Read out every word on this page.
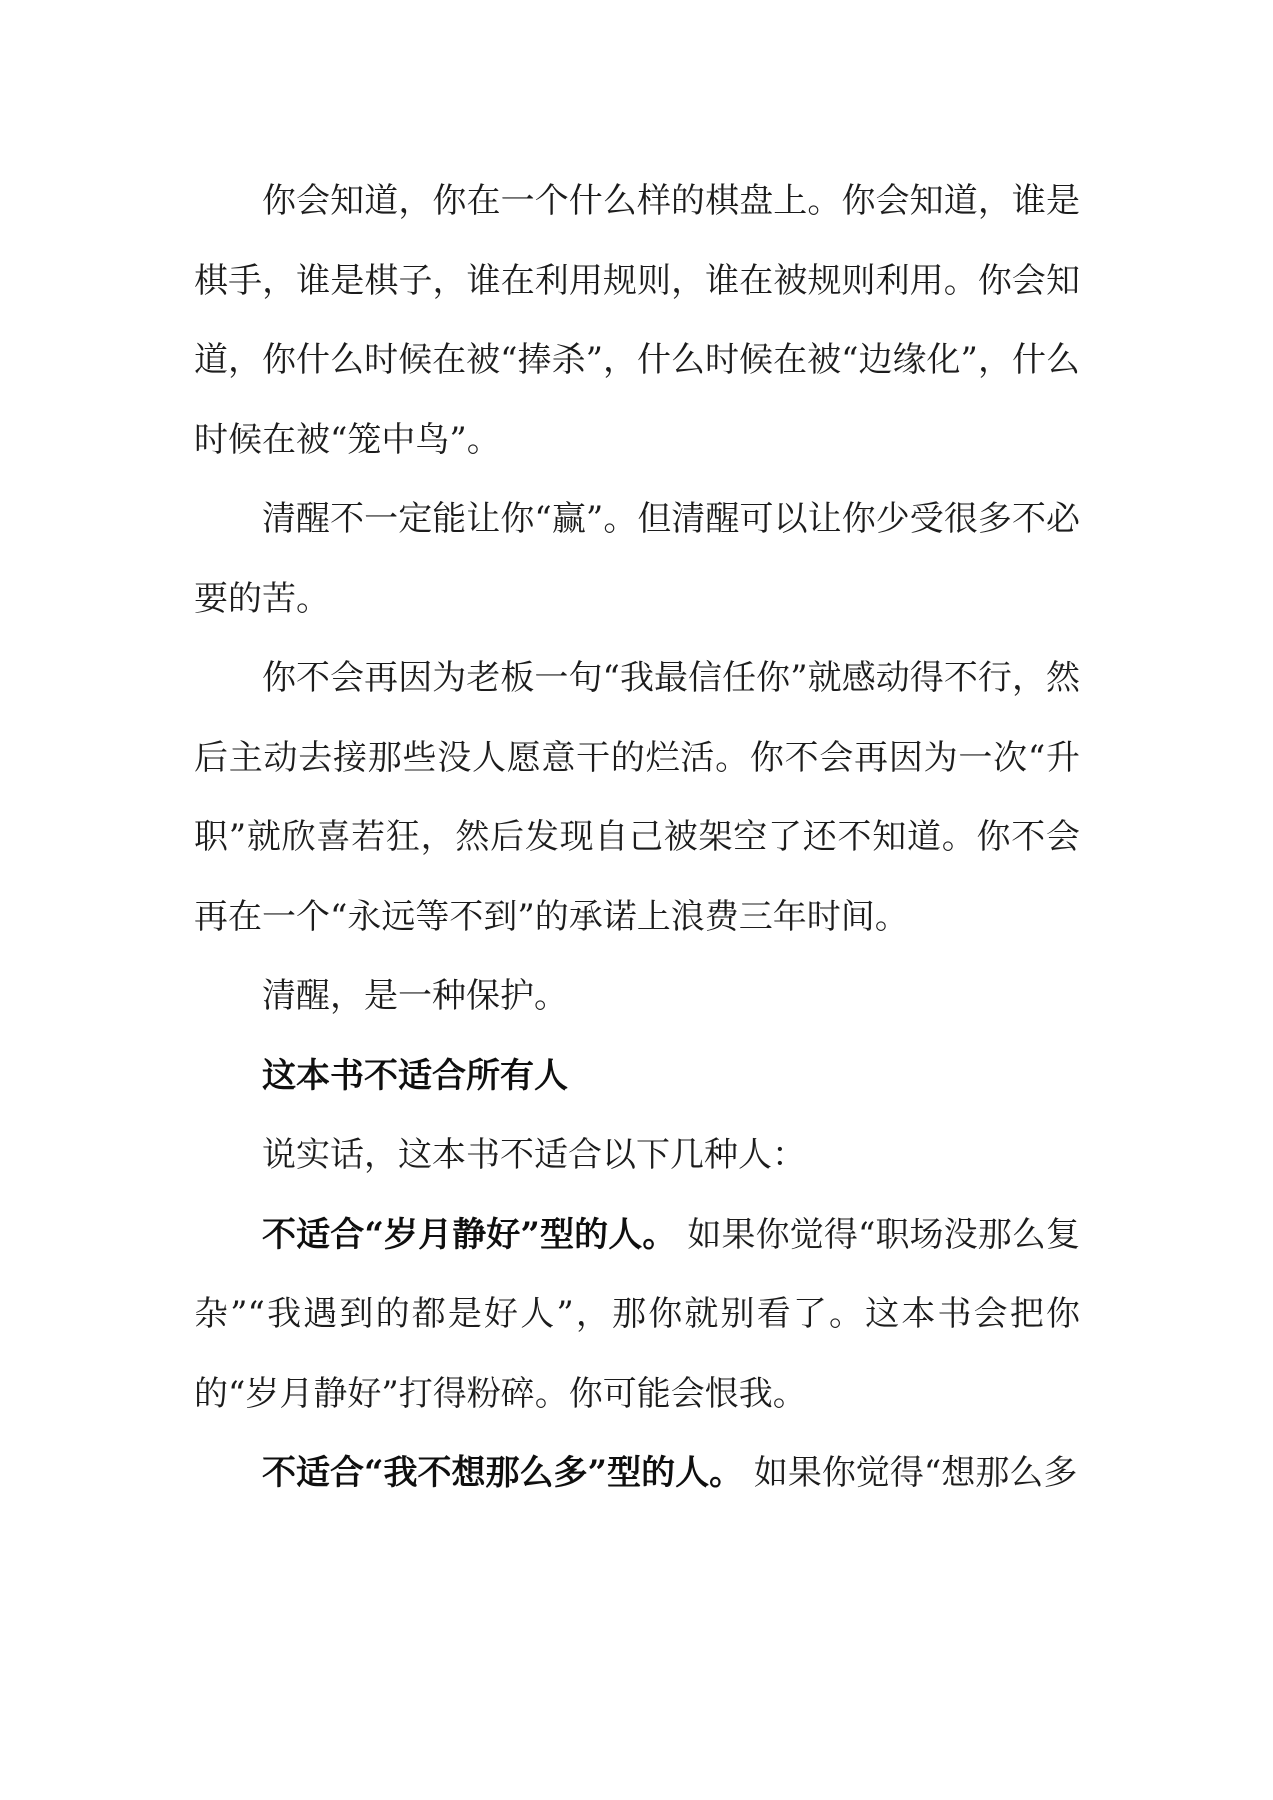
你会知道，你在一个什么样的棋盘上。你会知道，谁是棋手，谁是棋子，谁在利用规则，谁在被规则利用。你会知道，你什么时候在被“捧杀”，什么时候在被“边缘化”，什么时候在被“笼中鸟”。

清醒不一定能让你“赢”。但清醒可以让你少受很多不必要的苦。

你不会再因为老板一句“我最信任你”就感动得不行，然后主动去接那些没人愿意干的烂活。你不会再因为一次“升职”就欣喜若狂，然后发现自己被架空了还不知道。你不会再在一个“永远等不到”的承诺上浪费三年时间。

清醒，是一种保护。

这本书不适合所有人

说实话，这本书不适合以下几种人：

不适合“岁月静好”型的人。 如果你觉得“职场没那么复杂”“我遇到的都是好人”，那你就别看了。这本书会把你的“岁月静好”打得粉碎。你可能会恨我。

不适合“我不想那么多”型的人。 如果你觉得“想那么多
